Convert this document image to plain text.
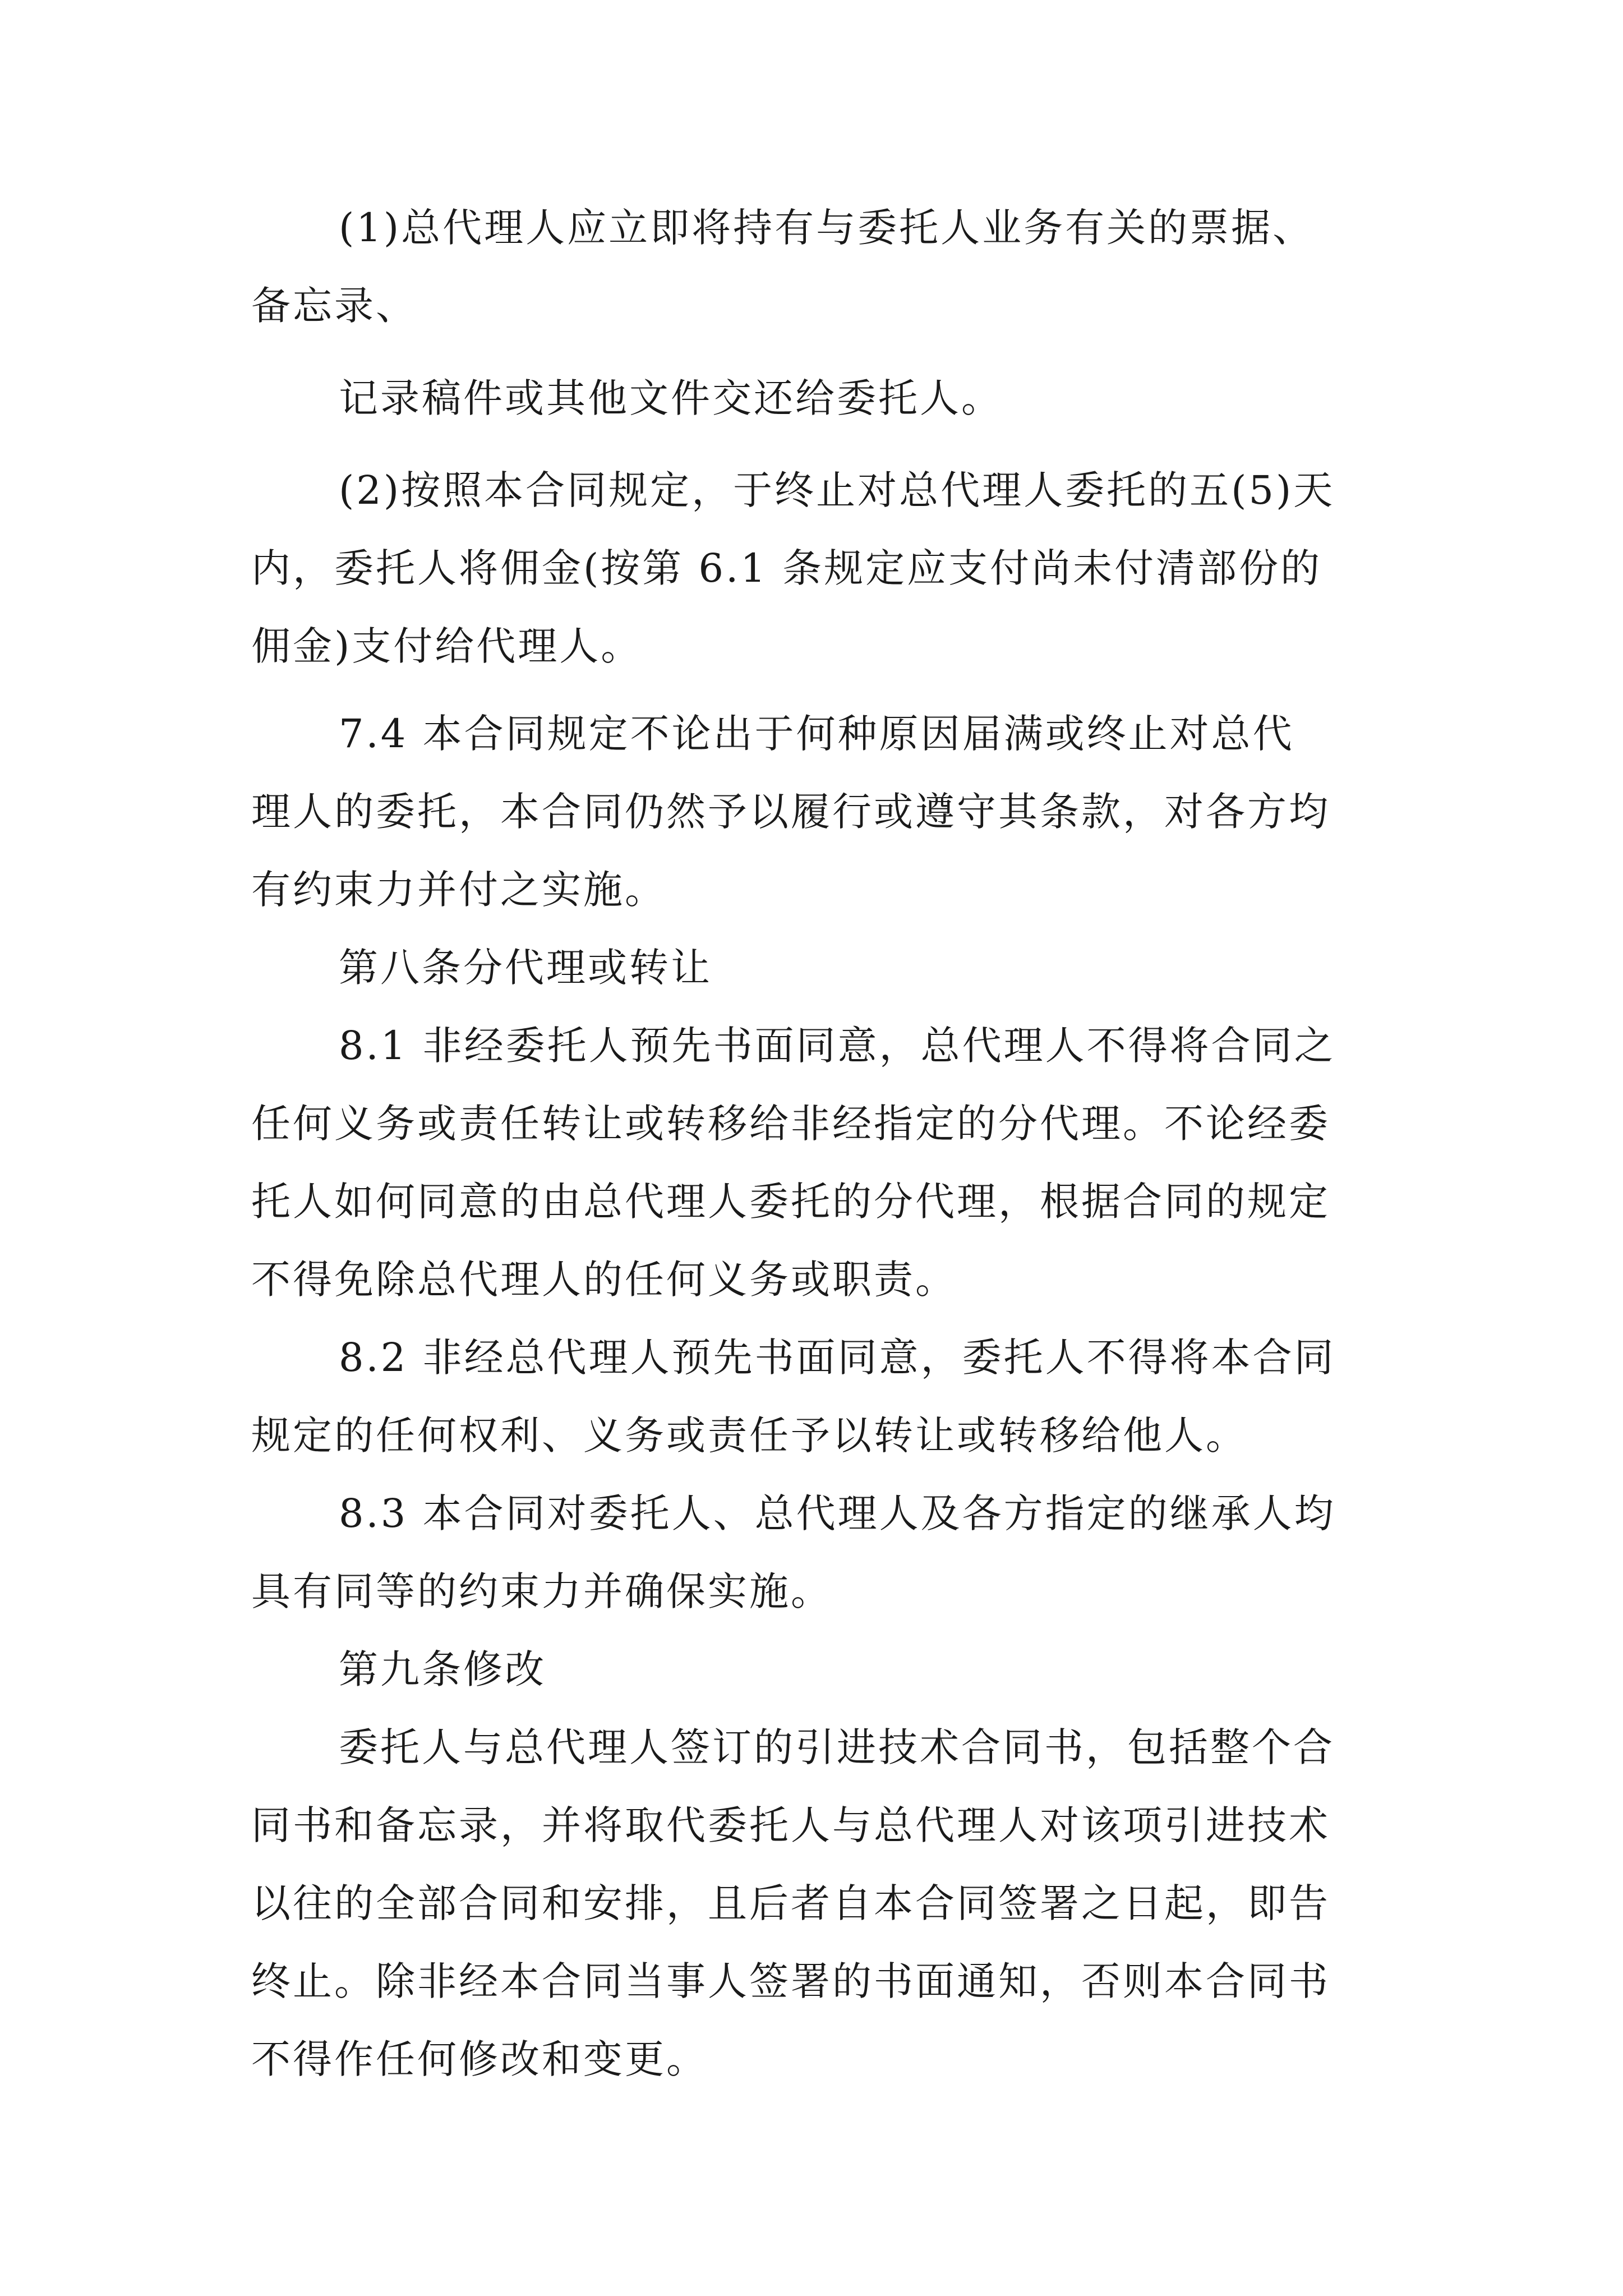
(1)总代理人应立即将持有与委托人业务有关的票据、
备忘录、
记录稿件或其他文件交还给委托人。
(2)按照本合同规定，于终止对总代理人委托的五(5)天
内，委托人将佣金(按第 6.1 条规定应支付尚未付清部份的
佣金)支付给代理人。
7.4 本合同规定不论出于何种原因届满或终止对总代
理人的委托，本合同仍然予以履行或遵守其条款，对各方均
有约束力并付之实施。
第八条分代理或转让
8.1 非经委托人预先书面同意，总代理人不得将合同之
任何义务或责任转让或转移给非经指定的分代理。不论经委
托人如何同意的由总代理人委托的分代理，根据合同的规定
不得免除总代理人的任何义务或职责。
8.2 非经总代理人预先书面同意，委托人不得将本合同
规定的任何权利、义务或责任予以转让或转移给他人。
8.3 本合同对委托人、总代理人及各方指定的继承人均
具有同等的约束力并确保实施。
第九条修改
委托人与总代理人签订的引进技术合同书，包括整个合
同书和备忘录，并将取代委托人与总代理人对该项引进技术
以往的全部合同和安排，且后者自本合同签署之日起，即告
终止。除非经本合同当事人签署的书面通知，否则本合同书
不得作任何修改和变更。
